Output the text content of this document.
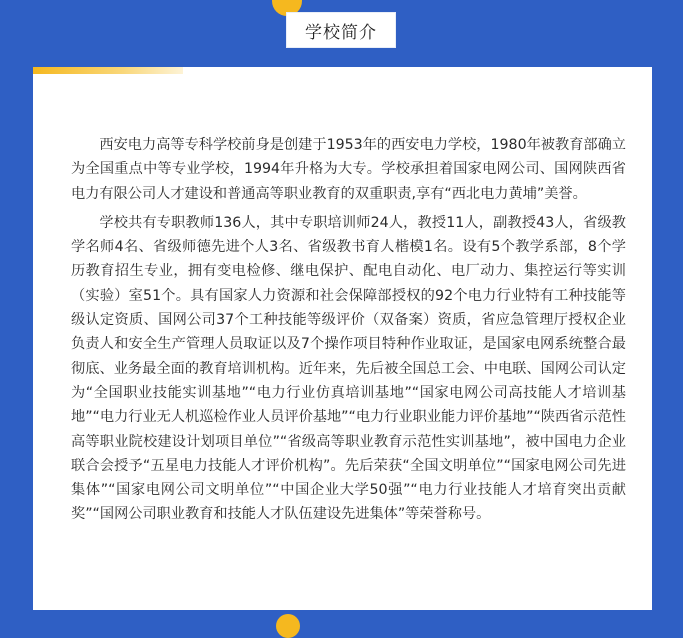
学校简介

西安电力高等专科学校前身是创建于1953年的西安电力学校，1980年被教育部确立为全国重点中等专业学校，1994年升格为大专。学校承担着国家电网公司、国网陕西省电力有限公司人才建设和普通高等职业教育的双重职责,享有“西北电力黄埔”美誉。

学校共有专职教师136人，其中专职培训师24人，教授11人，副教授43人，省级教学名师4名、省级师德先进个人3名、省级教书育人楷模1名。设有5个教学系部，8个学历教育招生专业，拥有变电检修、继电保护、配电自动化、电厂动力、集控运行等实训（实验）室51个。具有国家人力资源和社会保障部授权的92个电力行业特有工种技能等级认定资质、国网公司37个工种技能等级评价（双备案）资质，省应急管理厅授权企业负责人和安全生产管理人员取证以及7个操作项目特种作业取证，是国家电网系统整合最彻底、业务最全面的教育培训机构。近年来，先后被全国总工会、中电联、国网公司认定为“全国职业技能实训基地”“电力行业仿真培训基地”“国家电网公司高技能人才培训基地”“电力行业无人机巡检作业人员评价基地”“电力行业职业能力评价基地”“陕西省示范性高等职业院校建设计划项目单位”“省级高等职业教育示范性实训基地”，被中国电力企业联合会授予“五星电力技能人才评价机构”。先后荣获“全国文明单位”“国家电网公司先进集体”“国家电网公司文明单位”“中国企业大学50强”“电力行业技能人才培育突出贡献奖”“国网公司职业教育和技能人才队伍建设先进集体”等荣誉称号。
